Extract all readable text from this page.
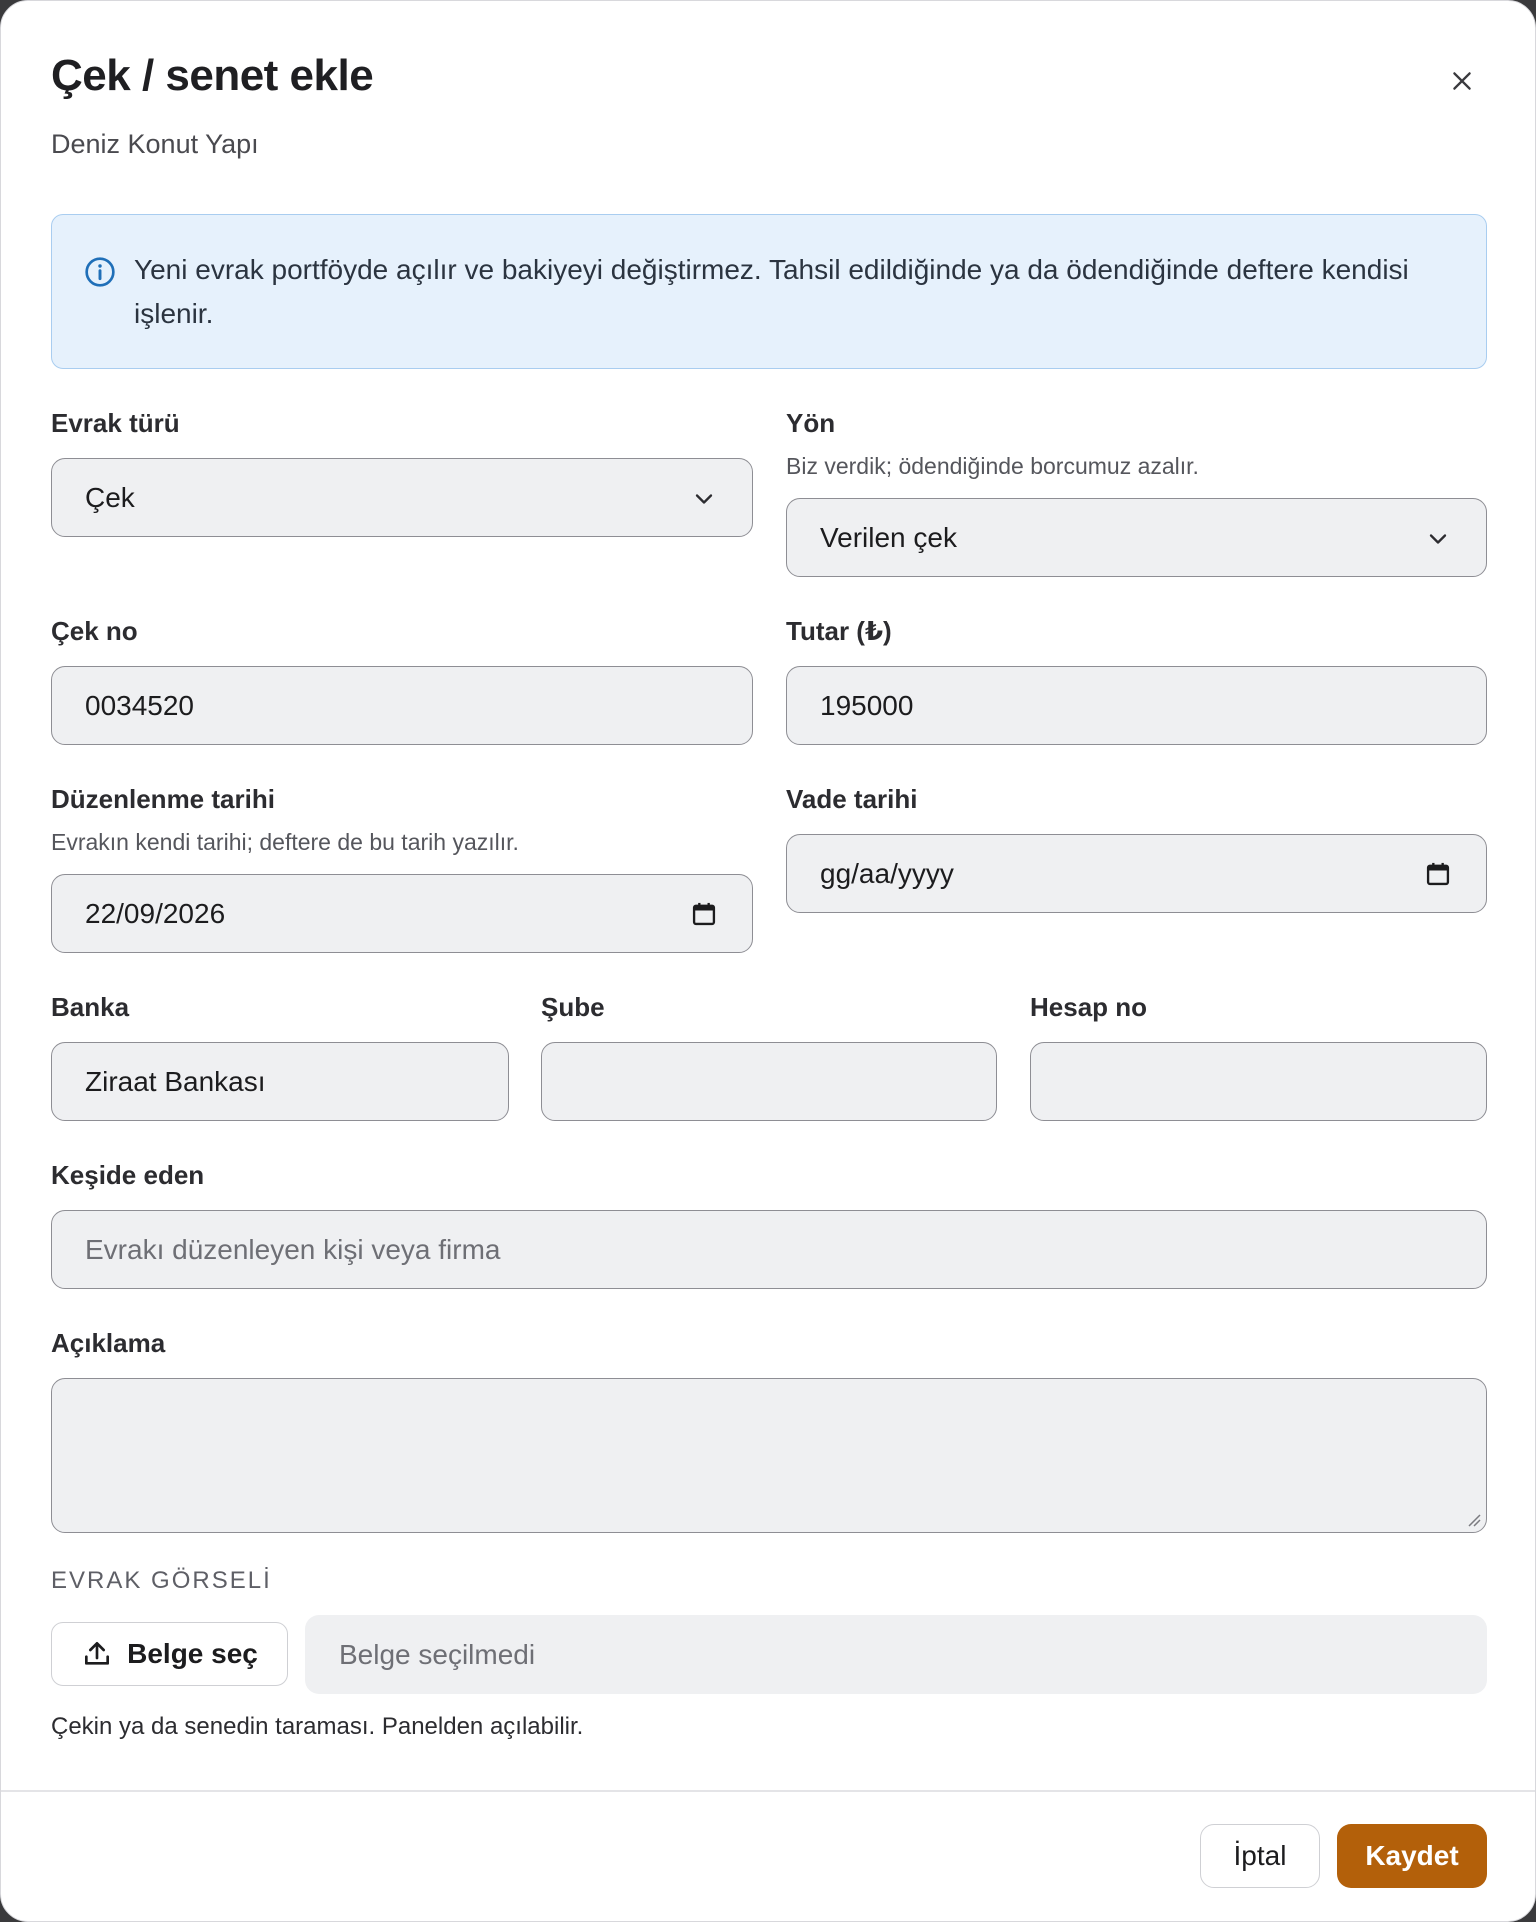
Çek / senet ekle
Deniz Konut Yapı
Yeni evrak portföyde açılır ve bakiyeyi değiştirmez. Tahsil edildiğinde ya da ödendiğinde deftere kendisi işlenir.
Evrak türü
Çek
Yön
Biz verdik; ödendiğinde borcumuz azalır.
Verilen çek
Çek no
0034520
Tutar (₺)
195000
Düzenlenme tarihi
Evrakın kendi tarihi; deftere de bu tarih yazılır.
22/09/2026
Vade tarihi
gg/aa/yyyy
Banka
Ziraat Bankası
Şube	Hesap no
Keşide eden
Evrakı düzenleyen kişi veya firma
Açıklama
EVRAK GÖRSELİ
Belge seç	Belge seçilmedi
Çekin ya da senedin taraması. Panelden açılabilir.
İptal	Kaydet
